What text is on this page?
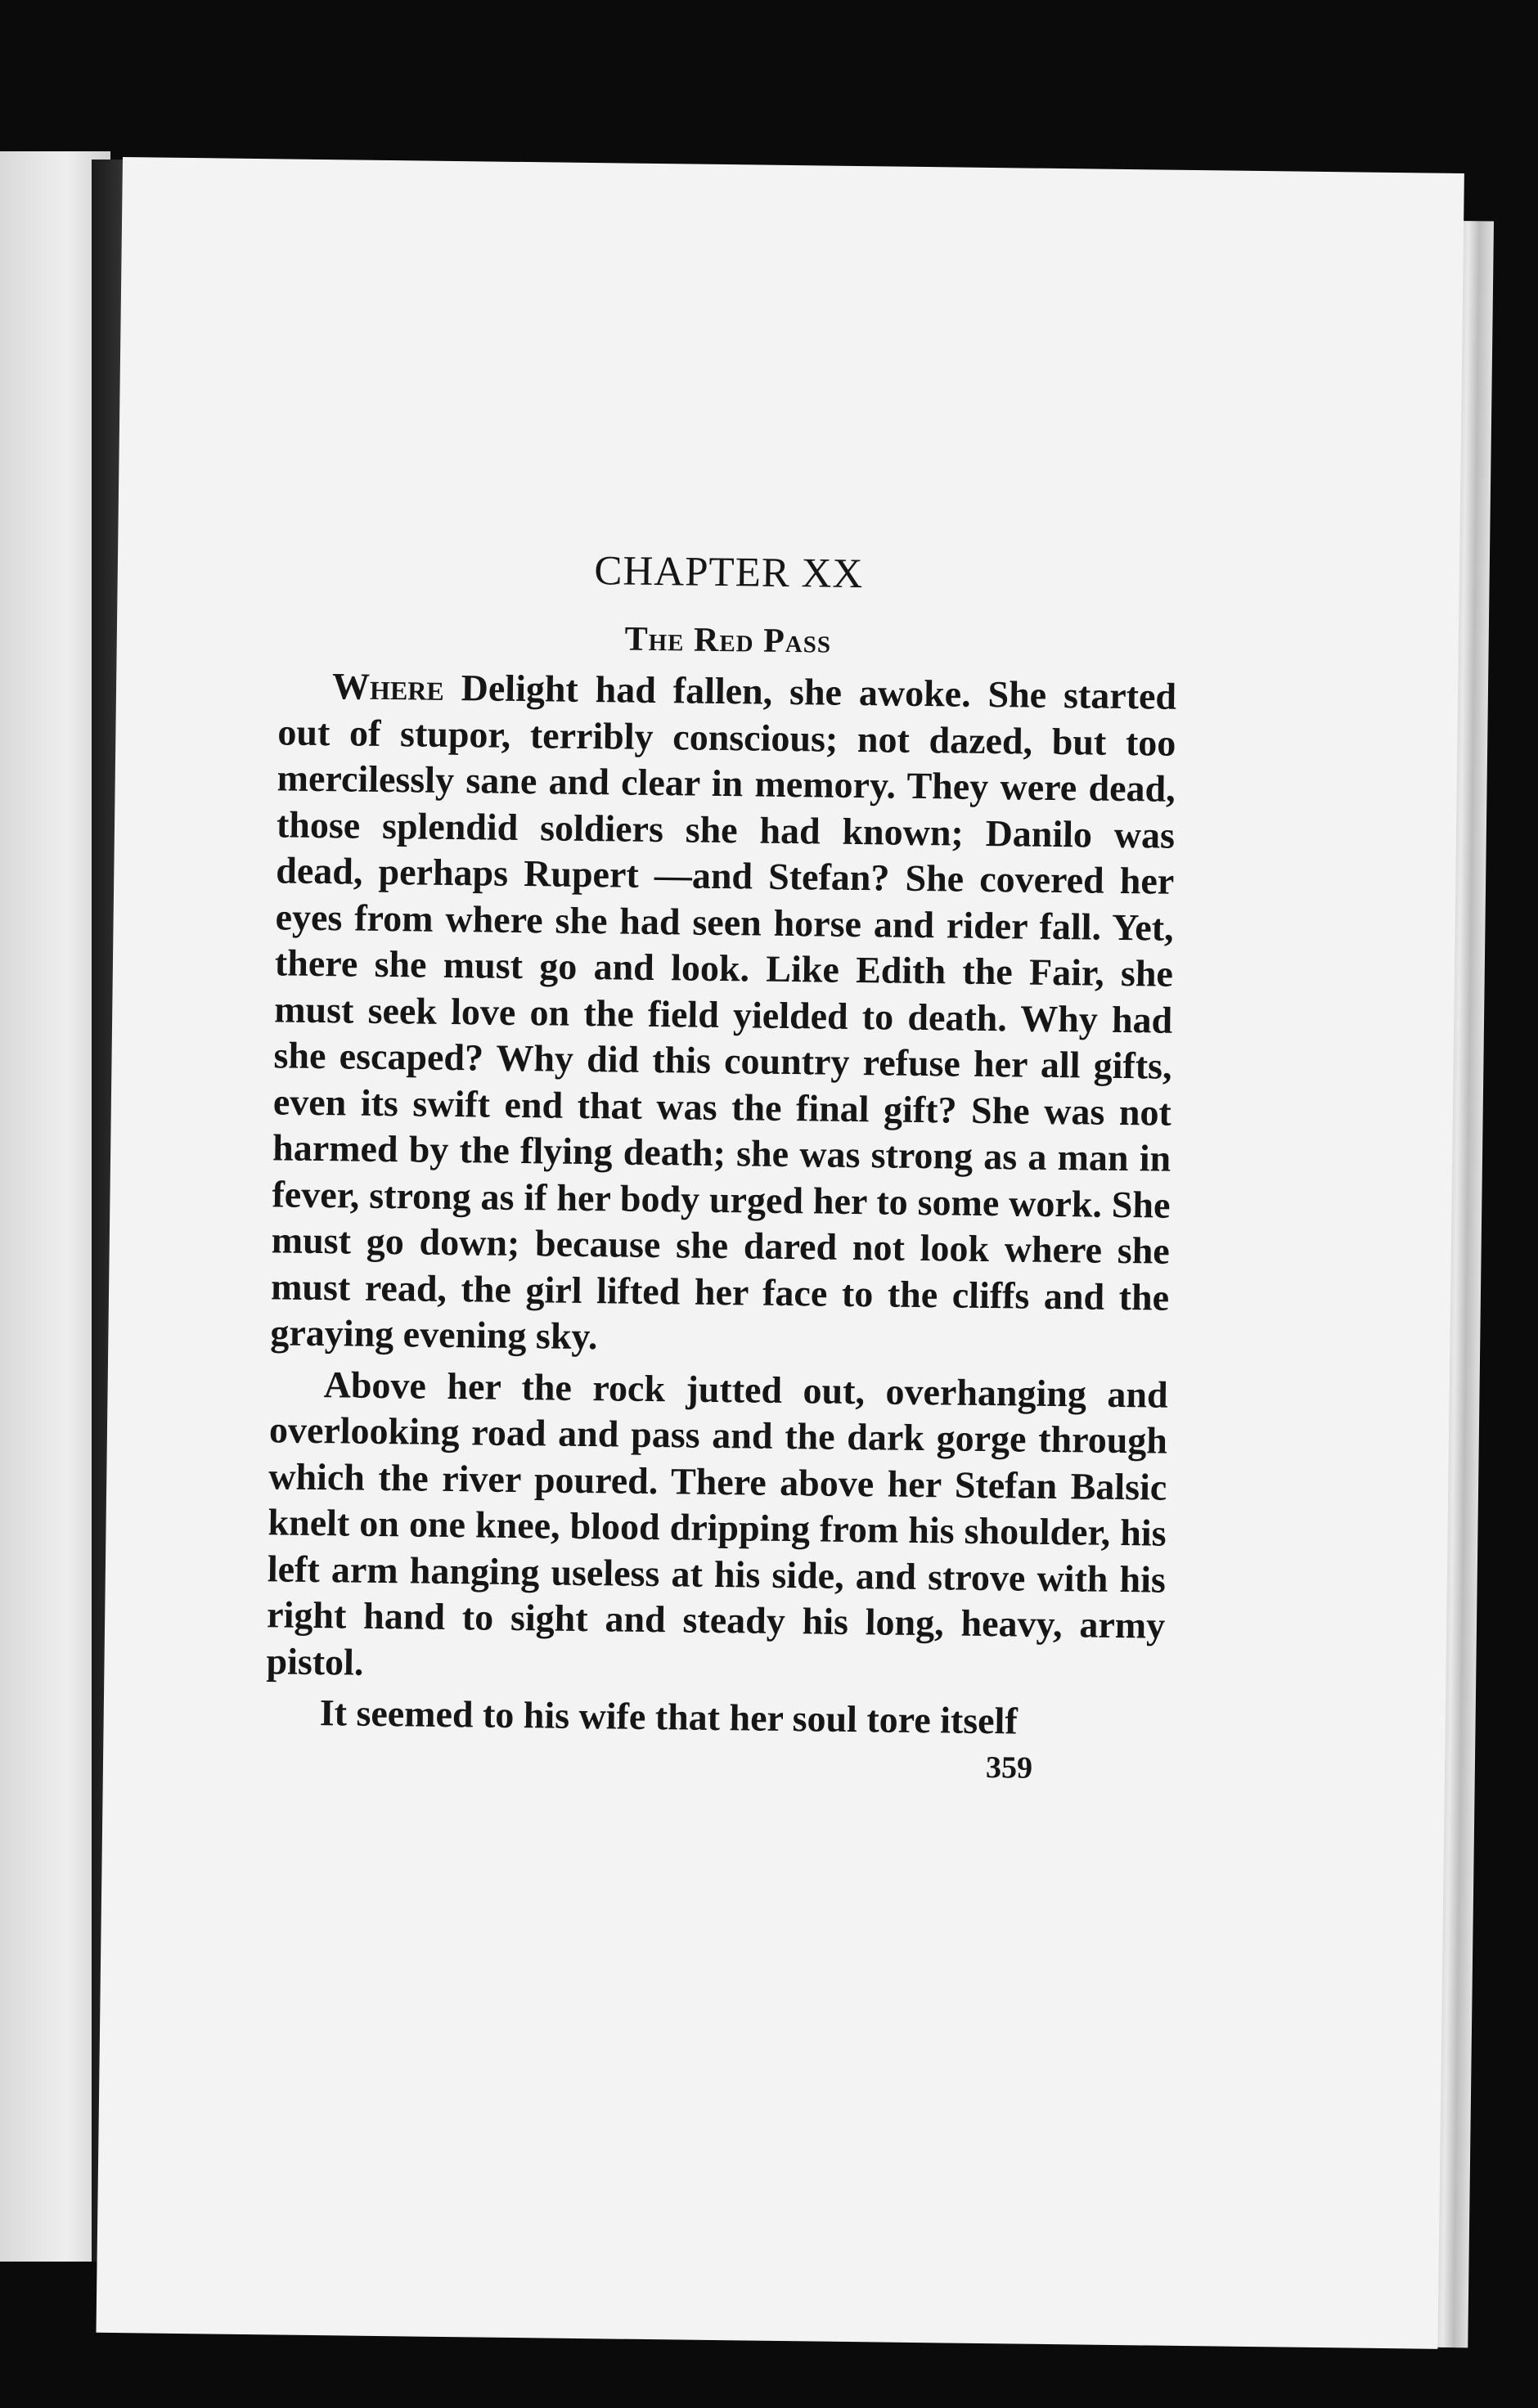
CHAPTER XX
The Red Pass

Where Delight had fallen, she awoke. She started out of stupor, terribly conscious; not dazed, but too mercilessly sane and clear in memory. They were dead, those splendid soldiers she had known; Danilo was dead, perhaps Rupert —and Stefan? She covered her eyes from where she had seen horse and rider fall. Yet, there she must go and look. Like Edith the Fair, she must seek love on the field yielded to death. Why had she escaped? Why did this country refuse her all gifts, even its swift end that was the final gift? She was not harmed by the flying death; she was strong as a man in fever, strong as if her body urged her to some work. She must go down; because she dared not look where she must read, the girl lifted her face to the cliffs and the graying evening sky.

Above her the rock jutted out, overhanging and overlooking road and pass and the dark gorge through which the river poured. There above her Stefan Balsic knelt on one knee, blood dripping from his shoulder, his left arm hanging useless at his side, and strove with his right hand to sight and steady his long, heavy, army pistol.

It seemed to his wife that her soul tore itself

359
